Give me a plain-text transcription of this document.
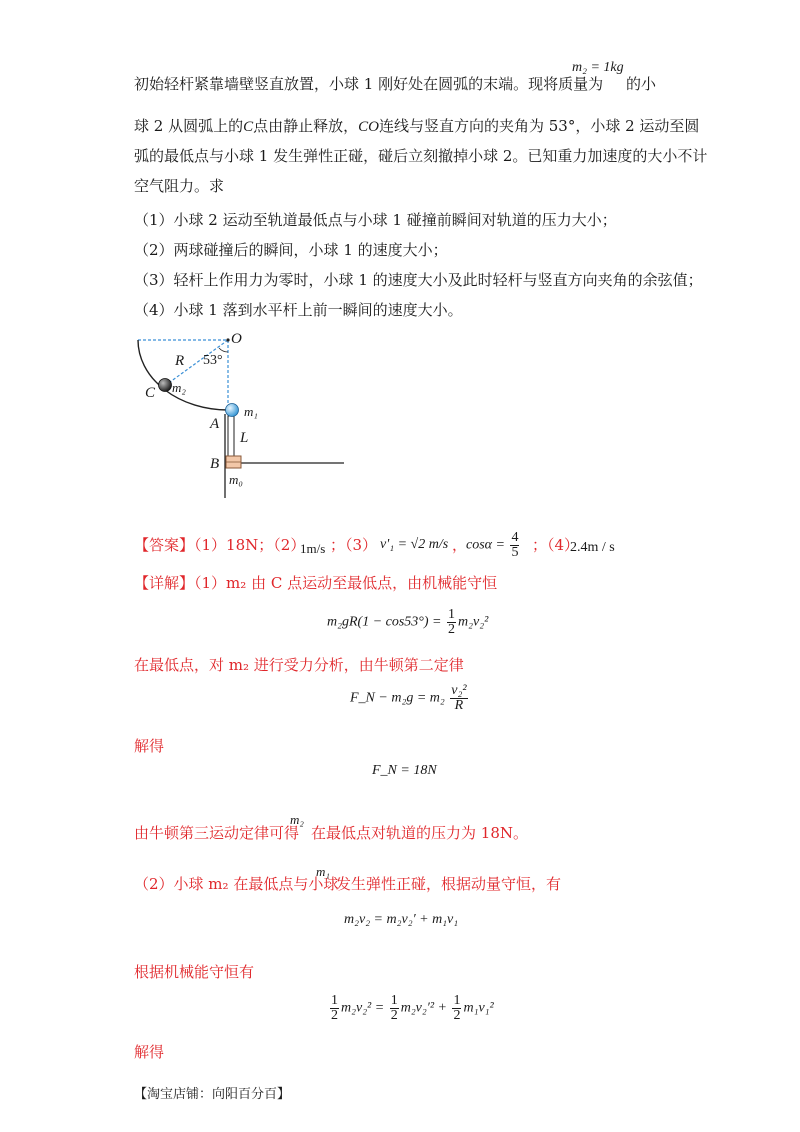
初始轻杆紧靠墙壁竖直放置，小球 1 刚好处在圆弧的末端。现将质量为
m₂ = 1kg
的小
球 2 从圆弧上的C点由静止释放，CO连线与竖直方向的夹角为 53°，小球 2 运动至圆
弧的最低点与小球 1 发生弹性正碰，碰后立刻撤掉小球 2。已知重力加速度的大小不计
空气阻力。求
（1）小球 2 运动至轨道最低点与小球 1 碰撞前瞬间对轨道的压力大小；
（2）两球碰撞后的瞬间，小球 1 的速度大小；
（3）轻杆上作用力为零时，小球 1 的速度大小及此时轻杆与竖直方向夹角的余弦值；
（4）小球 1 落到水平杆上前一瞬间的速度大小。
O
R 53°
C m₂
m₁
A
L
B
m₀
【答案】（1）18N；（2）
1m/s ；（3） v'₁ = √2 m/s ，
$\cos\alpha = \frac{4}{5}$ ；（4）
2.4m / s
【详解】（1）m₂ 由 C 点运动至最低点，由机械能守恒
$m_2gR(1 - \cos 53^\circ) = \frac{1}{2} m_2v_2^2$
在最低点，对 m₂ 进行受力分析，由牛顿第二定律
F_N − $m_2g = m_2 \frac{\text{v₂²}}{R}$
解得
F_N = 18N
由牛顿第三运动定律可得
m₂
在最低点对轨道的压力为 18N。
（2）小球 m₂ 在最低点与小球
m₁
发生弹性正碰，根据动量守恒，有
m₂v₂ = m₂v₂′ + m₁v₁
根据机械能守恒有
$\frac{1}{2} m_2v_2^2 = \frac{1}{2} m_2v_2'^2 + \frac{1}{2} m_1v_1^2$
解得
【淘宝店铺：向阳百分百】
